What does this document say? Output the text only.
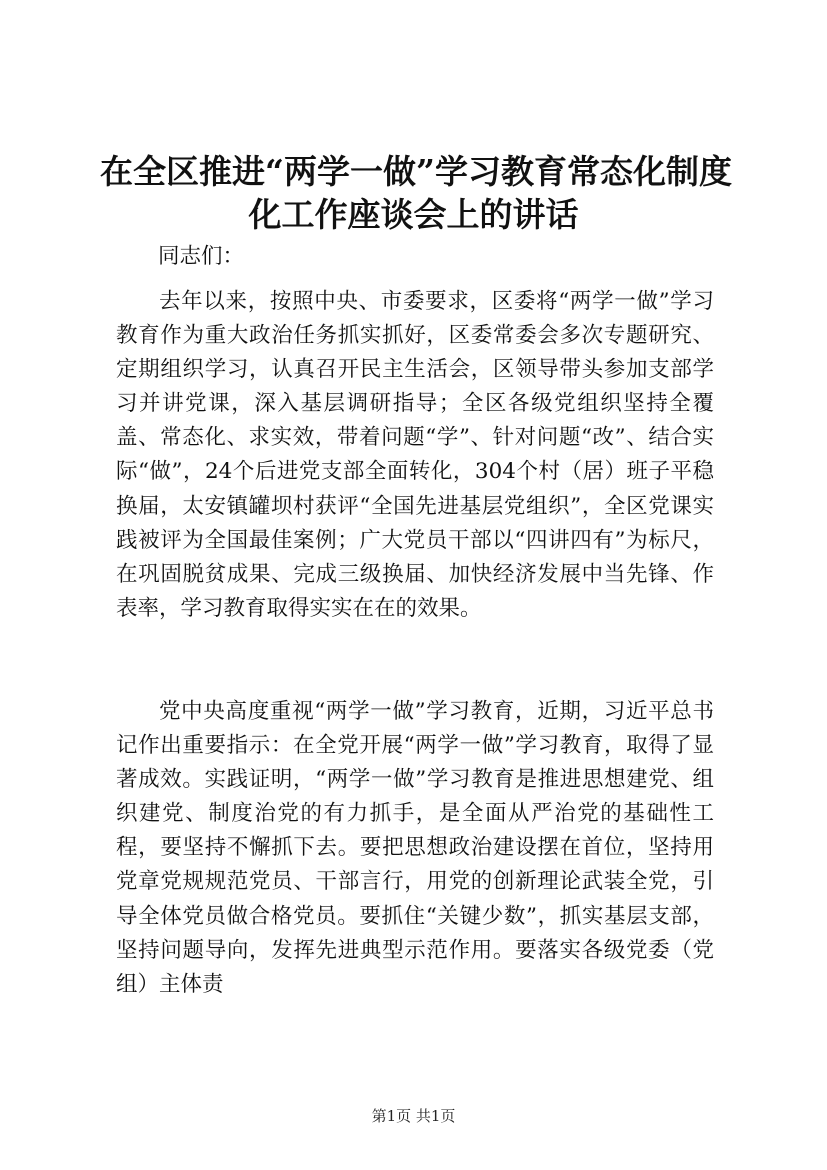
在全区推进“两学一做”学习教育常态化制度
化工作座谈会上的讲话

同志们：

去年以来，按照中央、市委要求，区委将“两学一做”学习教育作为重大政治任务抓实抓好，区委常委会多次专题研究、定期组织学习，认真召开民主生活会，区领导带头参加支部学习并讲党课，深入基层调研指导；全区各级党组织坚持全覆盖、常态化、求实效，带着问题“学”、针对问题“改”、结合实际“做”，24个后进党支部全面转化，304个村（居）班子平稳换届，太安镇罐坝村获评“全国先进基层党组织”，全区党课实践被评为全国最佳案例；广大党员干部以“四讲四有”为标尺，在巩固脱贫成果、完成三级换届、加快经济发展中当先锋、作表率，学习教育取得实实在在的效果。

党中央高度重视“两学一做”学习教育，近期，习近平总书记作出重要指示：在全党开展“两学一做”学习教育，取得了显著成效。实践证明，“两学一做”学习教育是推进思想建党、组织建党、制度治党的有力抓手，是全面从严治党的基础性工程，要坚持不懈抓下去。要把思想政治建设摆在首位，坚持用党章党规规范党员、干部言行，用党的创新理论武装全党，引导全体党员做合格党员。要抓住“关键少数”，抓实基层支部，坚持问题导向，发挥先进典型示范作用。要落实各级党委（党组）主体责

第1页 共1页
